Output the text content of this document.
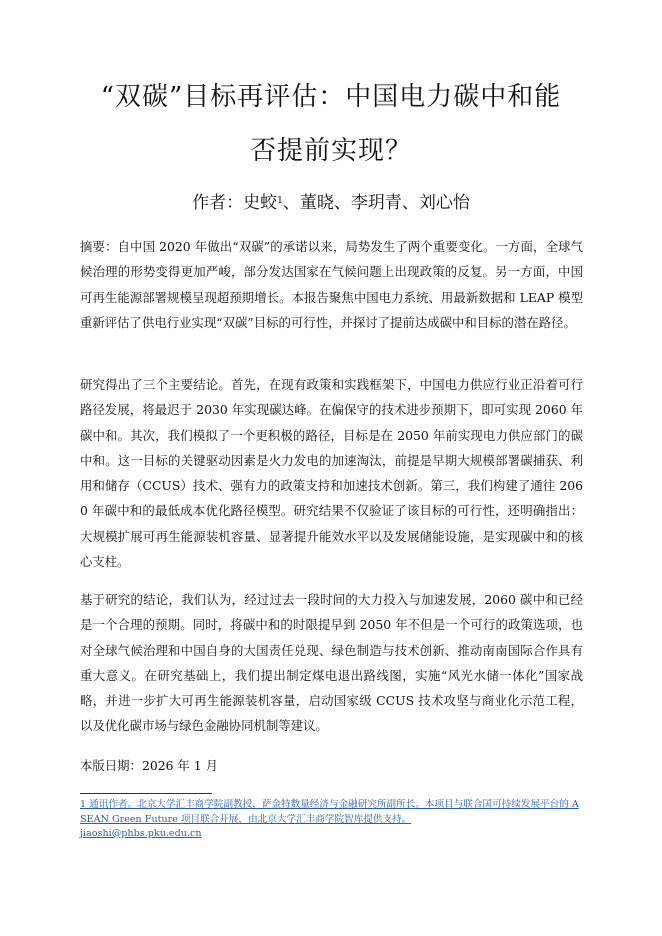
“双碳”目标再评估：中国电力碳中和能
否提前实现？
作者：史蛟$^1$、董晓、李玥青、刘心怡

摘要：自中国 2020 年做出“双碳”的承诺以来，局势发生了两个重要变化。一方面，全球气候治理的形势变得更加严峻，部分发达国家在气候问题上出现政策的反复。另一方面，中国可再生能源部署规模呈现超预期增长。本报告聚焦中国电力系统、用最新数据和 LEAP 模型重新评估了供电行业实现“双碳”目标的可行性，并探讨了提前达成碳中和目标的潜在路径。

研究得出了三个主要结论。首先，在现有政策和实践框架下，中国电力供应行业正沿着可行路径发展，将最迟于 2030 年实现碳达峰。在偏保守的技术进步预期下，即可实现 2060 年碳中和。其次，我们模拟了一个更积极的路径，目标是在 2050 年前实现电力供应部门的碳中和。这一目标的关键驱动因素是火力发电的加速淘汰，前提是早期大规模部署碳捕获、利用和储存（CCUS）技术、强有力的政策支持和加速技术创新。第三，我们构建了通往 2060 年碳中和的最低成本优化路径模型。研究结果不仅验证了该目标的可行性，还明确指出：大规模扩展可再生能源装机容量、显著提升能效水平以及发展储能设施，是实现碳中和的核心支柱。

基于研究的结论，我们认为，经过过去一段时间的大力投入与加速发展，2060 碳中和已经是一个合理的预期。同时，将碳中和的时限提早到 2050 年不但是一个可行的政策选项，也对全球气候治理和中国自身的大国责任兑现、绿色制造与技术创新、推动南南国际合作具有重大意义。在研究基础上，我们提出制定煤电退出路线图，实施“风光水储一体化”国家战略，并进一步扩大可再生能源装机容量，启动国家级 CCUS 技术攻坚与商业化示范工程，以及优化碳市场与绿色金融协同机制等建议。

本版日期：2026 年 1 月

1 通讯作者。北京大学汇丰商学院副教授，萨金特数量经济与金融研究所副所长。本项目与联合国可持续发展平台的 ASEAN Green Future 项目联合开展，由北京大学汇丰商学院智库提供支持。
jiaoshi@phbs.pku.edu.cn
